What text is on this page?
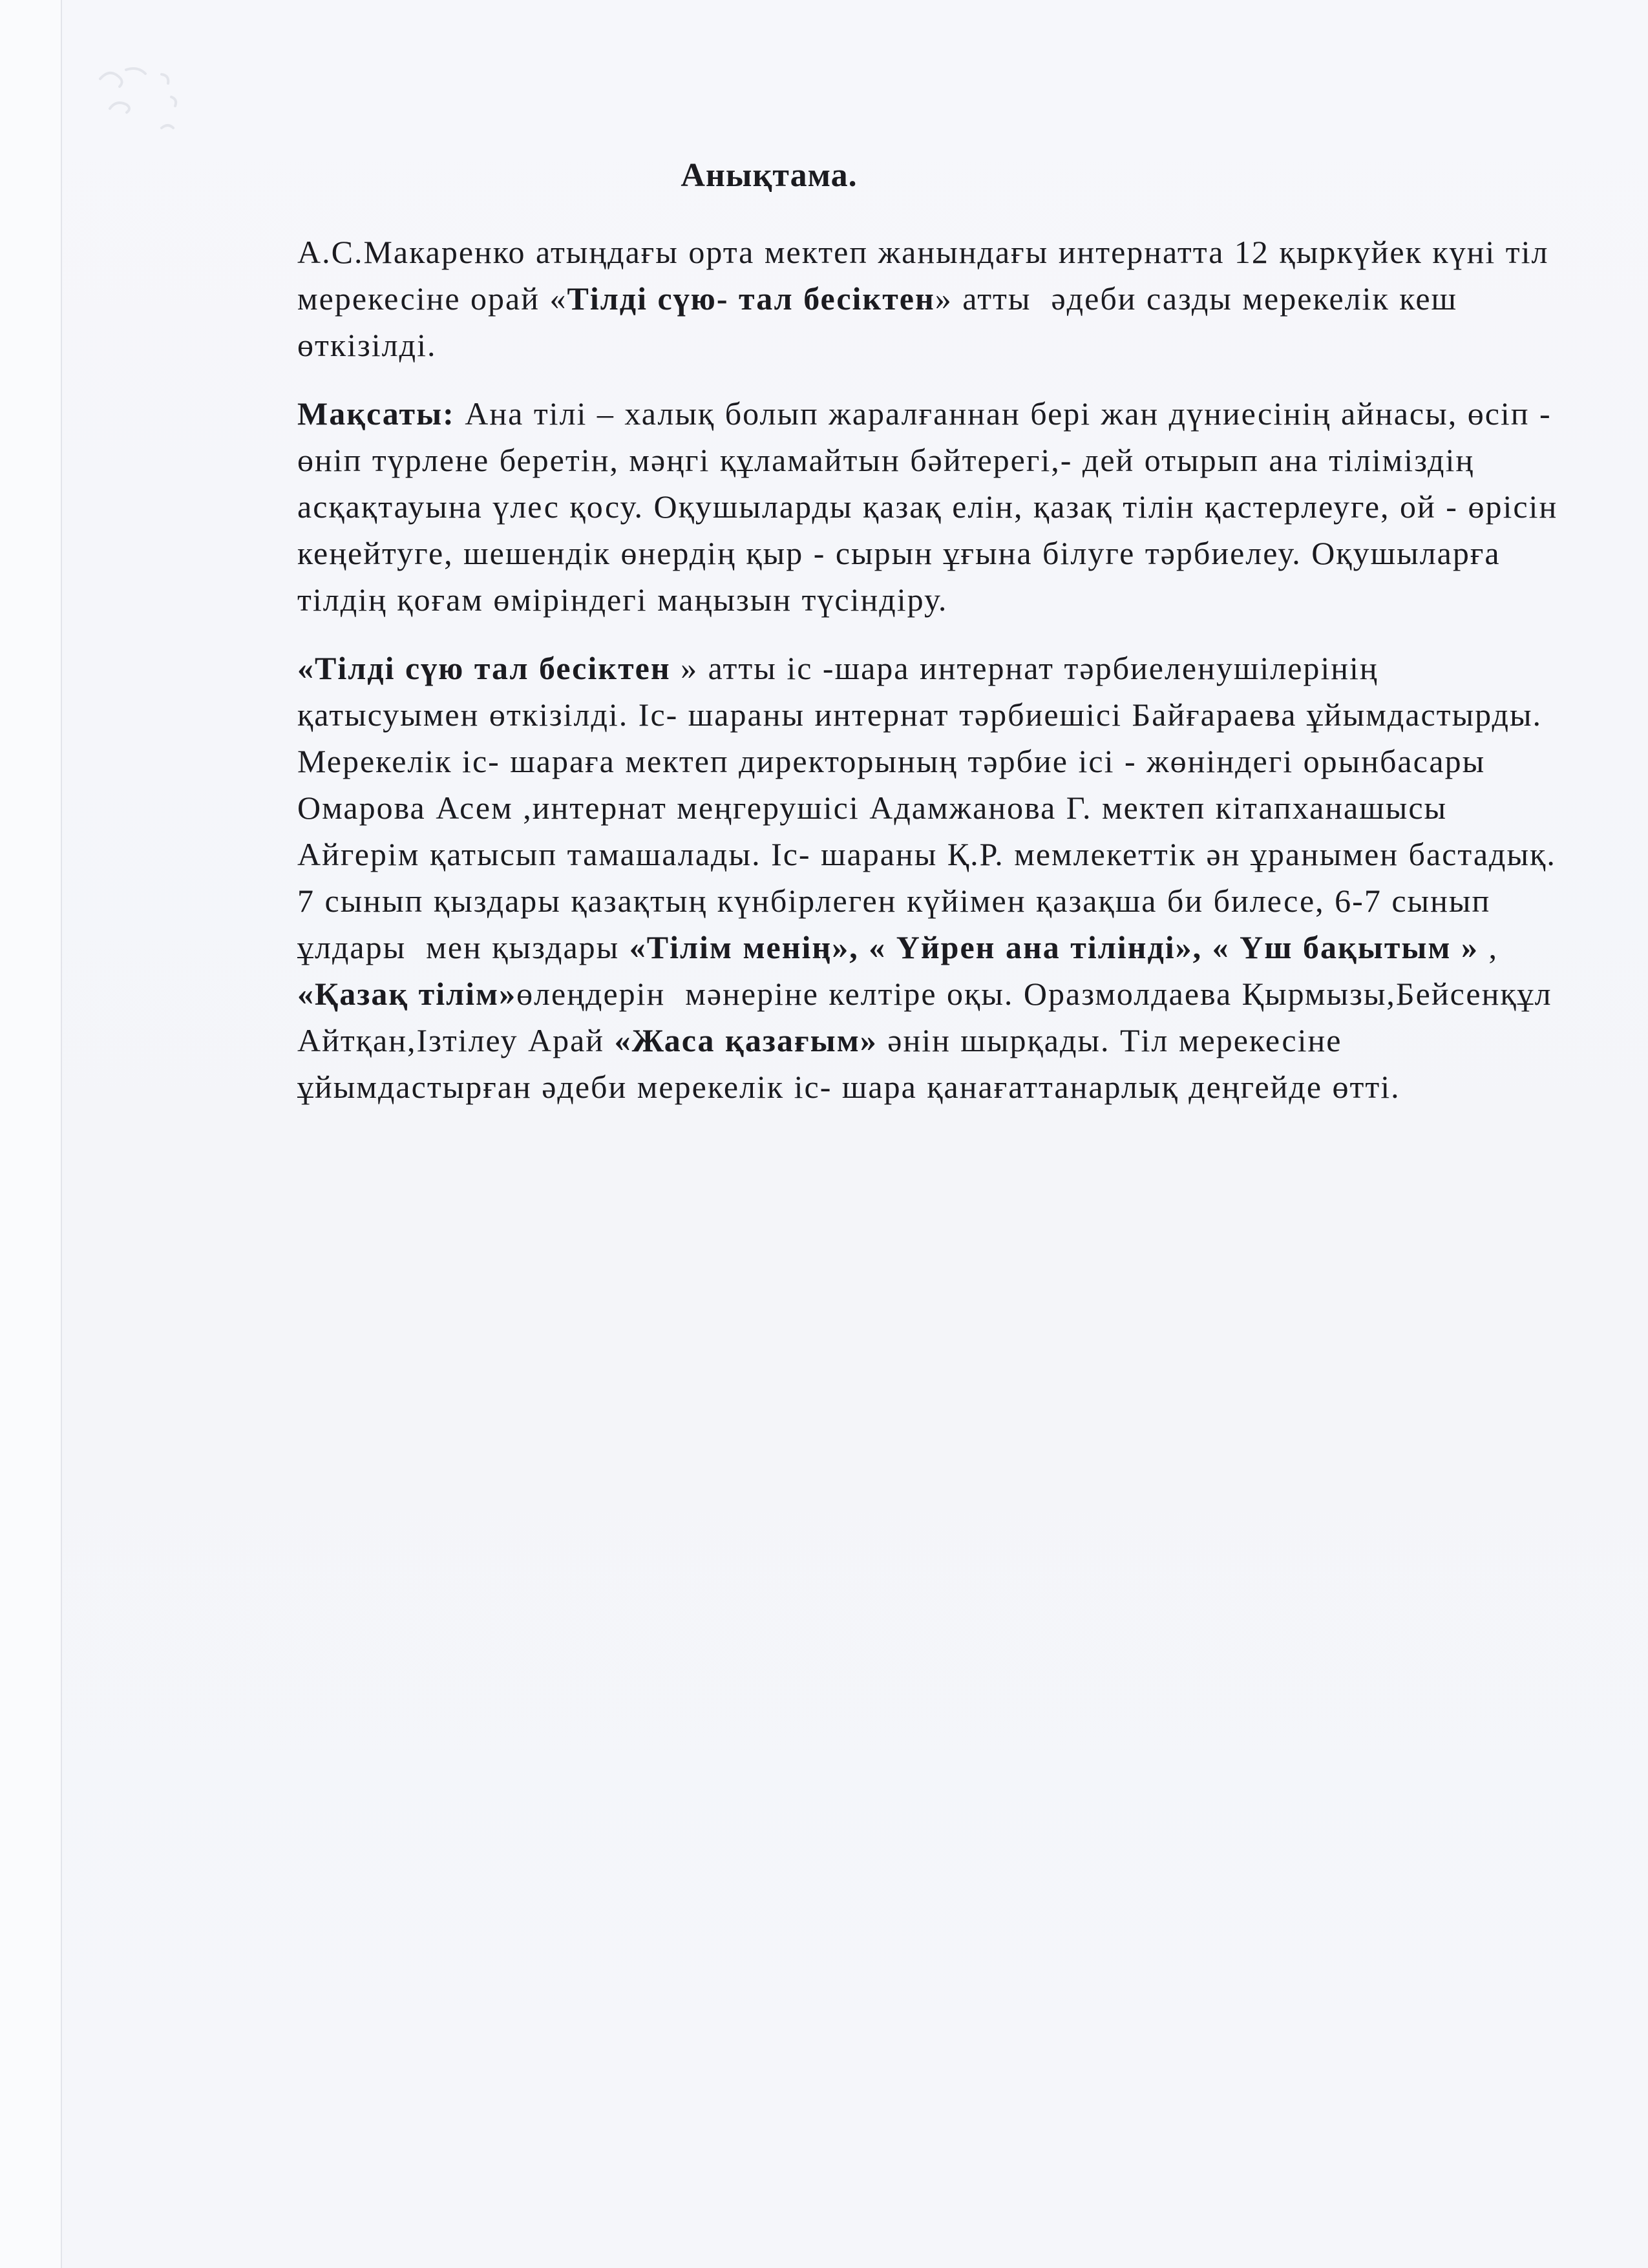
Анықтама.

А.С.Макаренко атыңдағы орта мектеп жанындағы интернатта 12 қыркүйек күні тіл мерекесіне орай «Тілді сүю- тал бесіктен» атты  әдеби сазды мерекелік кеш өткізілді.

Мақсаты: Ана тілі – халық болып жаралғаннан бері жан дүниесінің айнасы, өсіп - өніп түрлене беретін, мәңгі құламайтын бәйтерегі,- дей отырып ана тіліміздің асқақтауына үлес қосу. Оқушыларды қазақ елін, қазақ тілін қастерлеуге, ой - өрісін кеңейтуге, шешендік өнердің қыр - сырын ұғына білуге тәрбиелеу. Оқушыларға тілдің қоғам өміріндегі маңызын түсіндіру.

«Тілді сүю тал бесіктен » атты іс -шара интернат тәрбиеленушілерінің қатысуымен өткізілді. Іс- шараны интернат тәрбиешісі Байғараева ұйымдастырды. Мерекелік іс- шараға мектеп директорының тәрбие ісі - жөніндегі орынбасары Омарова Асем ,интернат меңгерушісі Адамжанова Г. мектеп кітапханашысы Айгерім қатысып тамашалады. Іс- шараны Қ.Р. мемлекеттік ән ұранымен бастадық. 7 сынып қыздары қазақтың күнбірлеген күйімен қазақша би билесе, 6-7 сынып ұлдары  мен қыздары «Тілім менің», « Үйрен ана тілінді», « Үш бақытым » , «Қазақ тілім»өлеңдерін  мәнеріне келтіре оқы. Оразмолдаева Қырмызы,Бейсенқұл Айтқан,Ізтілеу Арай «Жаса қазағым» әнін шырқады. Тіл мерекесіне ұйымдастырған әдеби мерекелік іс- шара қанағаттанарлық деңгейде өтті.
